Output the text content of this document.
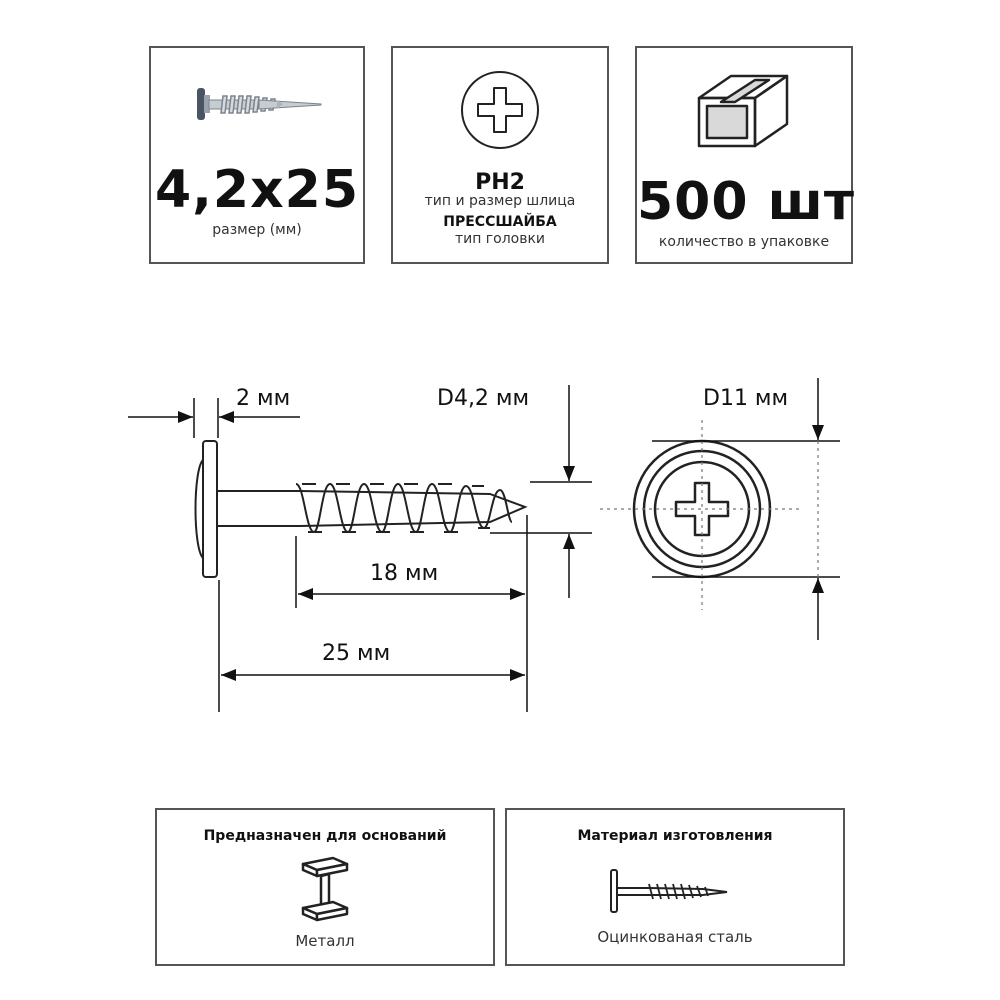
4,2x25
размер (мм)
PH2
тип и размер шлица
ПРЕССШАЙБА
тип головки
500 шт
количество в упаковке
2 мм	D4,2 мм	D11 мм
18 мм
25 мм
Предназначен для оснований
Металл
Материал изготовления
Оцинкованая сталь
